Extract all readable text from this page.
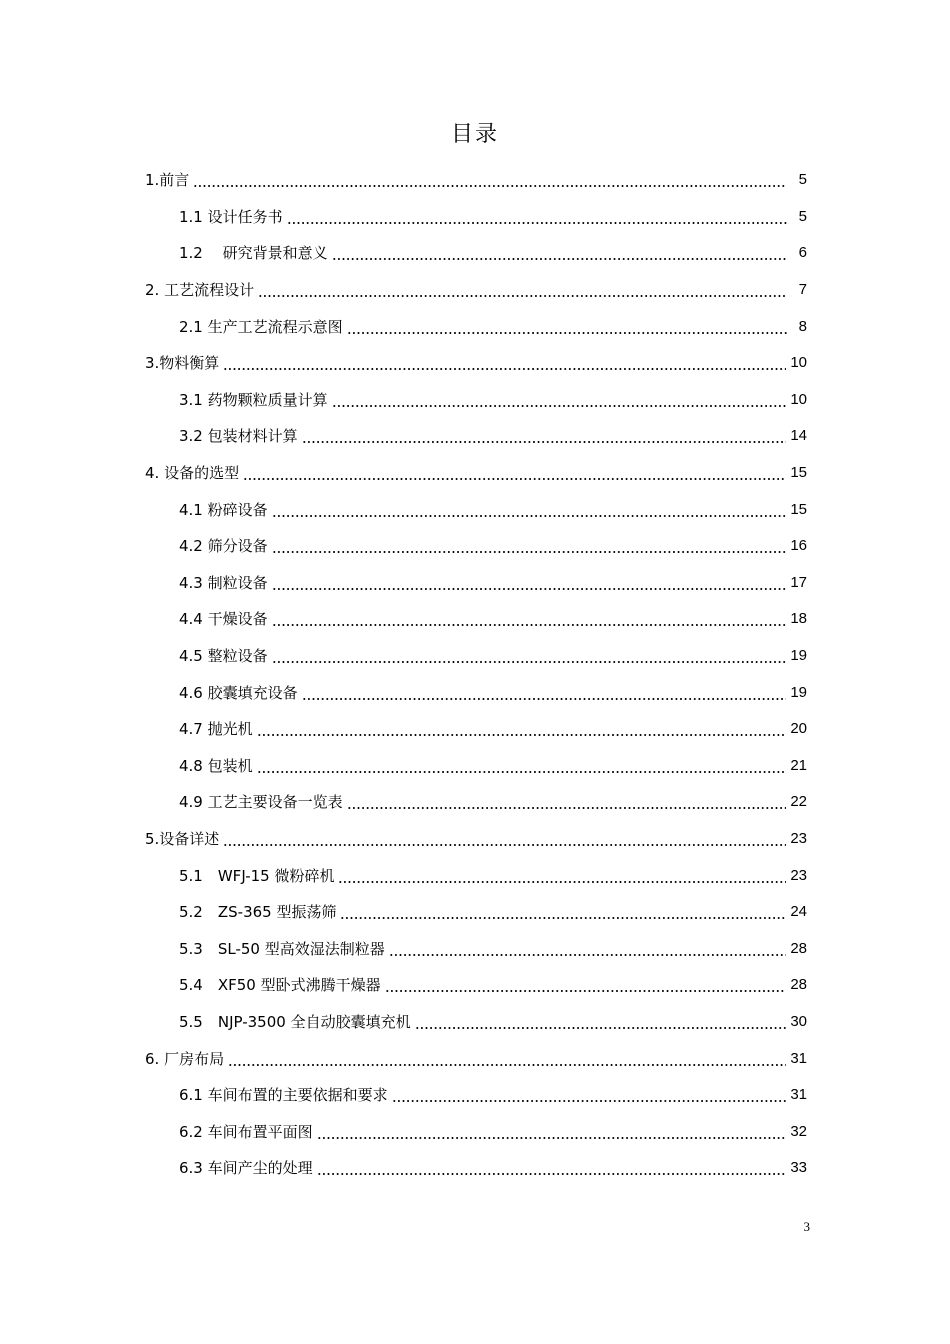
目录
1.前言	5
1.1 设计任务书	5
1.2　 研究背景和意义	6
2. 工艺流程设计	7
2.1 生产工艺流程示意图	8
3.物料衡算	10
3.1 药物颗粒质量计算	10
3.2 包装材料计算	14
4. 设备的选型	15
4.1 粉碎设备	15
4.2 筛分设备	16
4.3 制粒设备	17
4.4 干燥设备	18
4.5 整粒设备	19
4.6 胶囊填充设备	19
4.7 抛光机	20
4.8 包装机	21
4.9 工艺主要设备一览表	22
5.设备详述	23
5.1　WFJ-15 微粉碎机	23
5.2　ZS-365 型振荡筛	24
5.3　SL-50 型高效湿法制粒器	28
5.4　XF50 型卧式沸腾干燥器	28
5.5　NJP-3500 全自动胶囊填充机	30
6. 厂房布局	31
6.1 车间布置的主要依据和要求	31
6.2 车间布置平面图	32
6.3 车间产尘的处理	33
3
